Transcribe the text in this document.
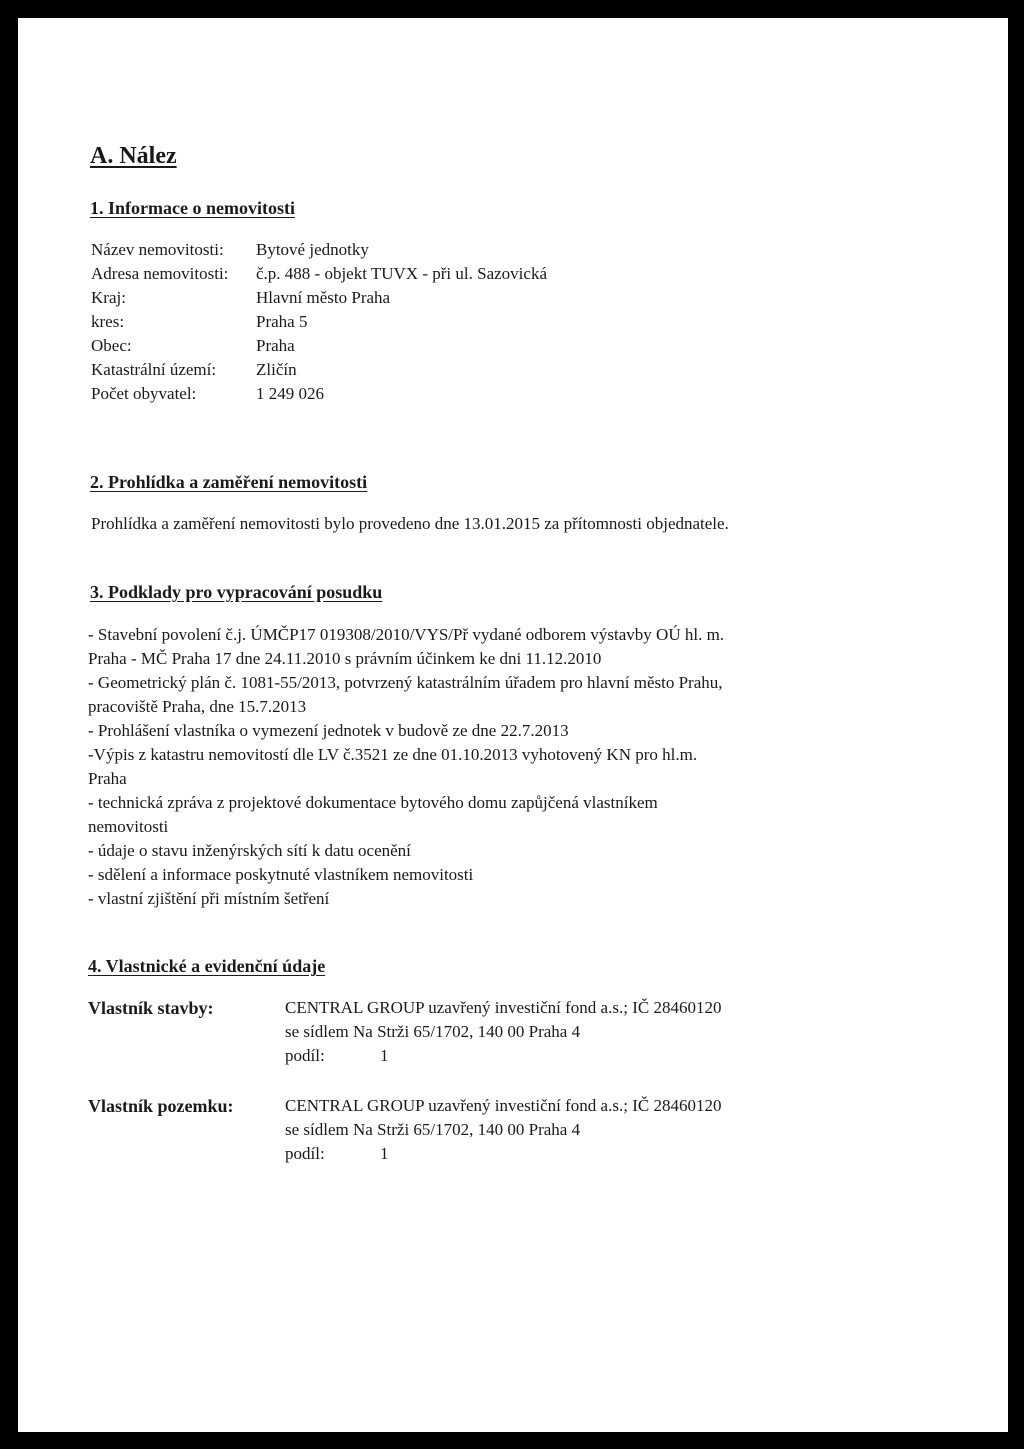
A. Nález
1. Informace o nemovitosti
Název nemovitosti: Bytové jednotky
Adresa nemovitosti: č.p. 488 - objekt TUVX - při ul. Sazovická
Kraj:	Hlavní město Praha
kres:	Praha 5
Obec:	Praha
Katastrální území: Zličín
Počet obyvatel:	1 249 026
2. Prohlídka a zaměření nemovitosti
Prohlídka a zaměření nemovitosti bylo provedeno dne 13.01.2015 za přítomnosti objednatele.
3. Podklady pro vypracování posudku
- Stavební povolení č.j. ÚMČP17 019308/2010/VYS/Př vydané odborem výstavby OÚ hl. m.
Praha - MČ Praha 17 dne 24.11.2010 s právním účinkem ke dni 11.12.2010
- Geometrický plán č. 1081-55/2013, potvrzený katastrálním úřadem pro hlavní město Prahu,
pracoviště Praha, dne 15.7.2013
- Prohlášení vlastníka o vymezení jednotek v budově ze dne 22.7.2013
-Výpis z katastru nemovitostí dle LV č.3521 ze dne 01.10.2013 vyhotovený KN pro hl.m.
Praha
- technická zpráva z projektové dokumentace bytového domu zapůjčená vlastníkem
nemovitosti
- údaje o stavu inženýrských sítí k datu ocenění
- sdělení a informace poskytnuté vlastníkem nemovitosti
- vlastní zjištění při místním šetření
4. Vlastnické a evidenční údaje
Vlastník stavby:	CENTRAL GROUP uzavřený investiční fond a.s.; IČ 28460120
se sídlem Na Strži 65/1702, 140 00 Praha 4
podíl:	1
Vlastník pozemku:	CENTRAL GROUP uzavřený investiční fond a.s.; IČ 28460120
se sídlem Na Strži 65/1702, 140 00 Praha 4
podíl:	1
